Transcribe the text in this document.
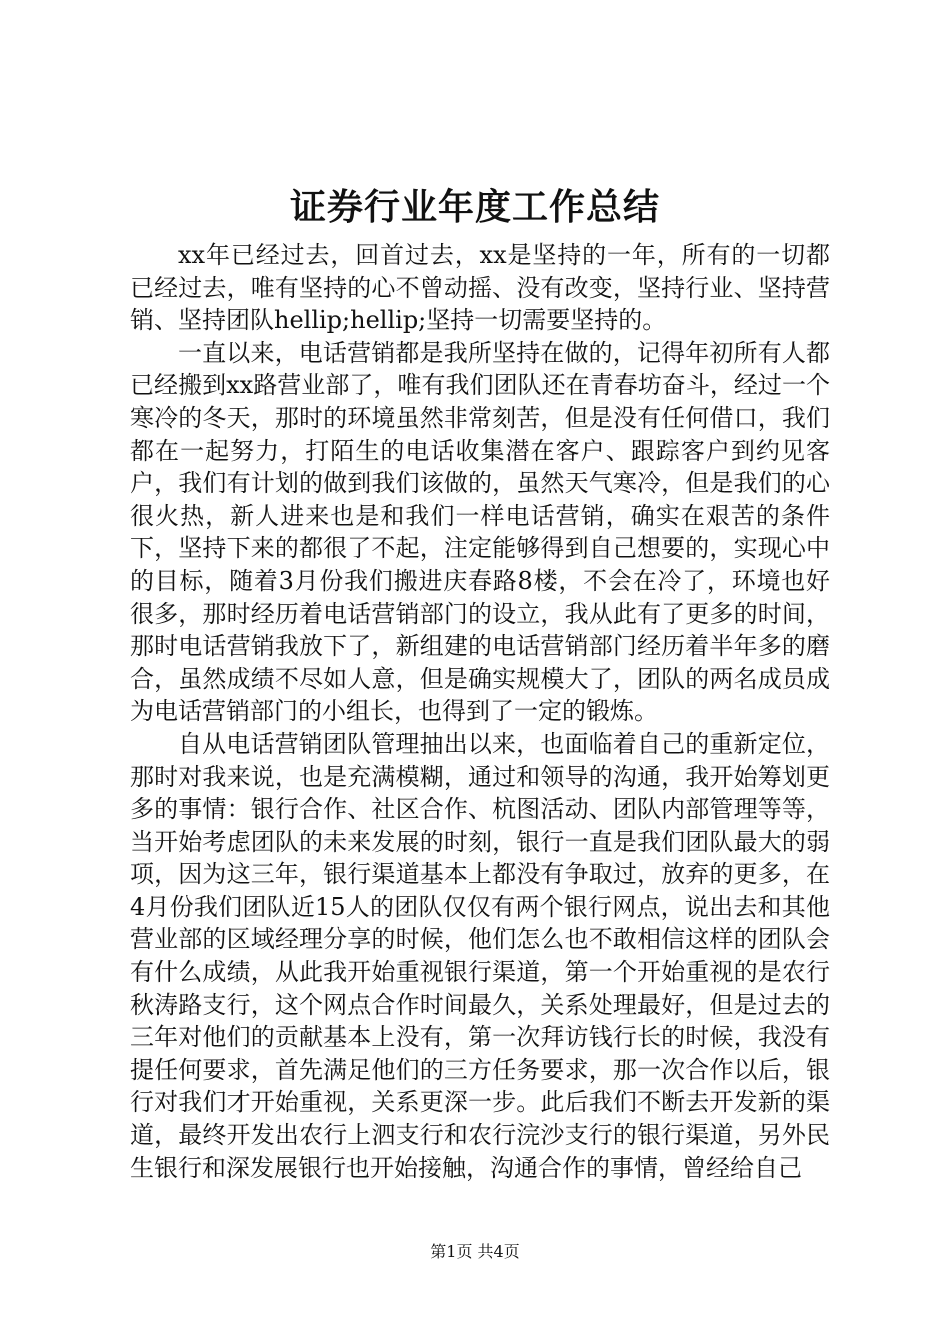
证券行业年度工作总结

xx年已经过去，回首过去，xx是坚持的一年，所有的一切都已经过去，唯有坚持的心不曾动摇、没有改变，坚持行业、坚持营销、坚持团队hellip;hellip;坚持一切需要坚持的。

一直以来，电话营销都是我所坚持在做的，记得年初所有人都已经搬到xx路营业部了，唯有我们团队还在青春坊奋斗，经过一个寒冷的冬天，那时的环境虽然非常刻苦，但是没有任何借口，我们都在一起努力，打陌生的电话收集潜在客户、跟踪客户到约见客户，我们有计划的做到我们该做的，虽然天气寒冷，但是我们的心很火热，新人进来也是和我们一样电话营销，确实在艰苦的条件下，坚持下来的都很了不起，注定能够得到自己想要的，实现心中的目标，随着3月份我们搬进庆春路8楼，不会在冷了，环境也好很多，那时经历着电话营销部门的设立，我从此有了更多的时间，那时电话营销我放下了，新组建的电话营销部门经历着半年多的磨合，虽然成绩不尽如人意，但是确实规模大了，团队的两名成员成为电话营销部门的小组长，也得到了一定的锻炼。

自从电话营销团队管理抽出以来，也面临着自己的重新定位，那时对我来说，也是充满模糊，通过和领导的沟通，我开始筹划更多的事情：银行合作、社区合作、杭图活动、团队内部管理等等，当开始考虑团队的未来发展的时刻，银行一直是我们团队最大的弱项，因为这三年，银行渠道基本上都没有争取过，放弃的更多，在4月份我们团队近15人的团队仅仅有两个银行网点，说出去和其他营业部的区域经理分享的时候，他们怎么也不敢相信这样的团队会有什么成绩，从此我开始重视银行渠道，第一个开始重视的是农行秋涛路支行，这个网点合作时间最久，关系处理最好，但是过去的三年对他们的贡献基本上没有，第一次拜访钱行长的时候，我没有提任何要求，首先满足他们的三方任务要求，那一次合作以后，银行对我们才开始重视，关系更深一步。此后我们不断去开发新的渠道，最终开发出农行上泗支行和农行浣沙支行的银行渠道，另外民生银行和深发展银行也开始接触，沟通合作的事情，曾经给自己

第1页 共4页
